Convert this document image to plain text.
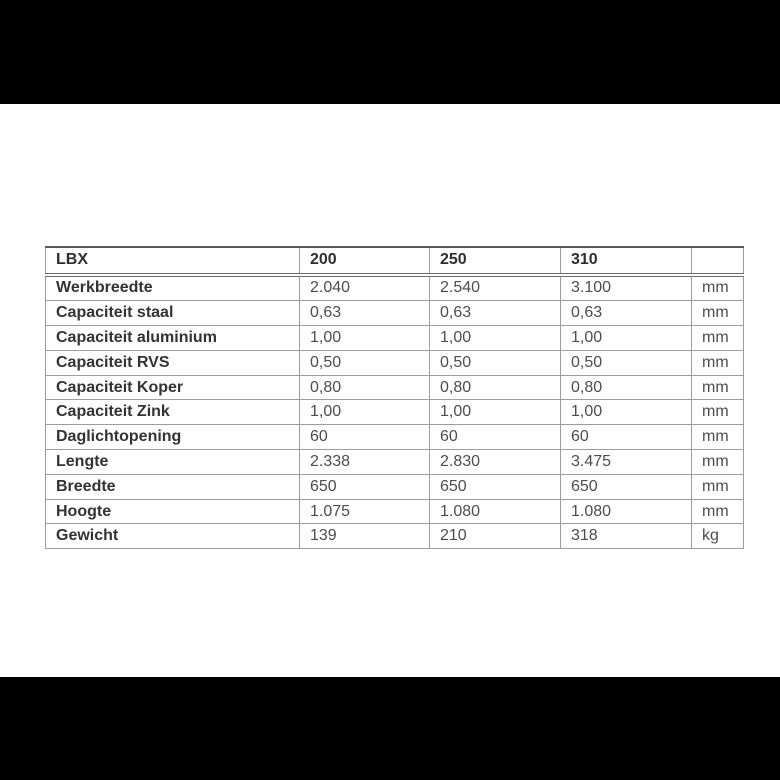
LBX	200	250	310	
Werkbreedte	2.040	2.540	3.100	mm
Capaciteit staal	0,63	0,63	0,63	mm
Capaciteit aluminium	1,00	1,00	1,00	mm
Capaciteit RVS	0,50	0,50	0,50	mm
Capaciteit Koper	0,80	0,80	0,80	mm
Capaciteit Zink	1,00	1,00	1,00	mm
Daglichtopening	60	60	60	mm
Lengte	2.338	2.830	3.475	mm
Breedte	650	650	650	mm
Hoogte	1.075	1.080	1.080	mm
Gewicht	139	210	318	kg
